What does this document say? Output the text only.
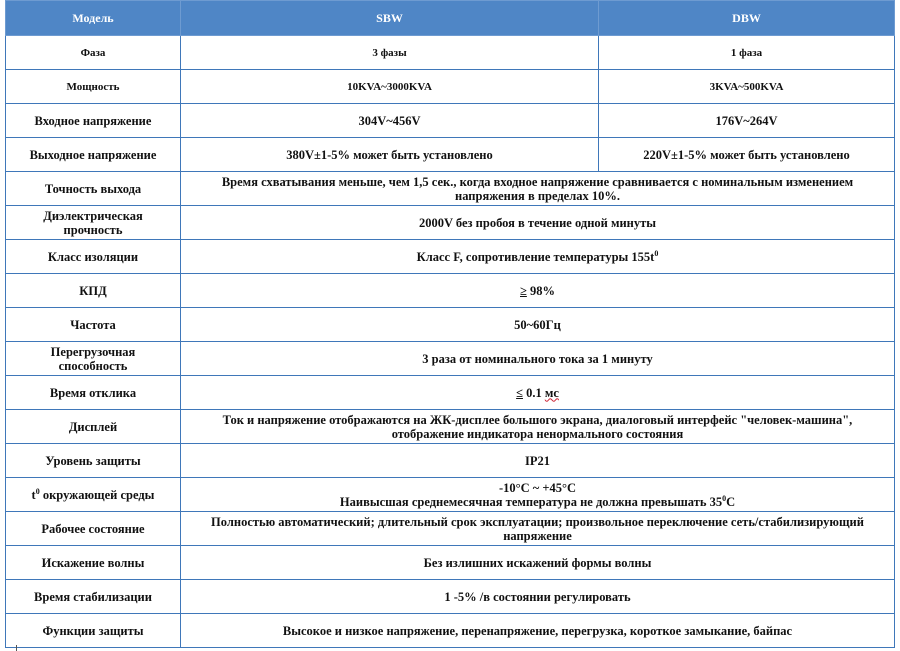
Модель	SBW	DBW
Фаза	3 фазы	1 фаза
Мощность	10KVA~3000KVA	3KVA~500KVA
Входное напряжение	304V~456V	176V~264V
Выходное напряжение	380V±1-5% может быть установлено	220V±1-5% может быть установлено
Точность выхода	Время схватывания меньше, чем 1,5 сек., когда входное напряжение сравнивается с номинальным изменением
напряжения в пределах 10%.	

Диэлектрическая
прочность	2000V без пробоя в течение одной минуты	
Класс изоляции	Класс F, сопротивление температуры $155t^0$
КПД	≥ 98%	
Частота	50~60Гц	

Перегрузочная
способность	3 раза от номинального тока за 1 минуту	
Время отклика	≤ 0.1 мс	
Дисплей	Ток и напряжение отображаются на ЖК-дисплее большого экрана, диалоговый интерфейс "человек-машина",
отображение индикатора ненормального состояния	

Уровень защиты	IP21	
$t^0$ окружающей среды	-10°C ~ +45°C
Наивысшая среднемесячная температура не должна превышать $35^0C$	

Рабочее состояние	Полностью автоматический; длительный срок эксплуатации; произвольное переключение сеть/стабилизирующий
напряжение	

Искажение волны	Без излишних искажений формы волны	
Время стабилизации	1 -5% /в состоянии регулировать	
Функции защиты	Высокое и низкое напряжение, перенапряжение, перегрузка, короткое замыкание, байпас	
